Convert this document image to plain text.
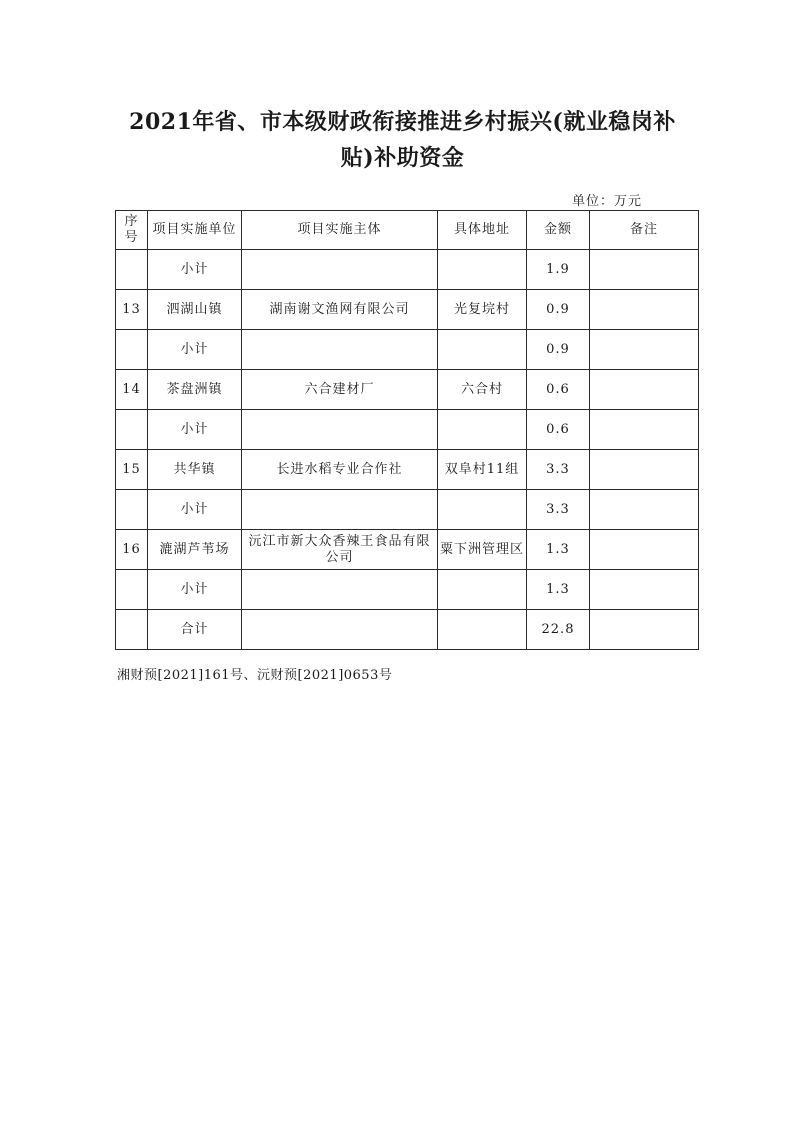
2021年省、市本级财政衔接推进乡村振兴(就业稳岗补
贴)补助资金
单位：万元
序号	项目实施单位	项目实施主体	具体地址	金额	备注
	小计			1.9	
13	泗湖山镇	湖南谢文渔网有限公司	光复垸村	0.9	
	小计			0.9	
14	茶盘洲镇	六合建材厂	六合村	0.6	
	小计			0.6	
15	共华镇	长进水稻专业合作社	双阜村11组	3.3	
	小计			3.3	
16	漉湖芦苇场	沅江市新大众香辣王食品有限公司	粟下洲管理区	1.3	
	小计			1.3	
	合计			22.8	
湘财预[2021]161号、沅财预[2021]0653号
